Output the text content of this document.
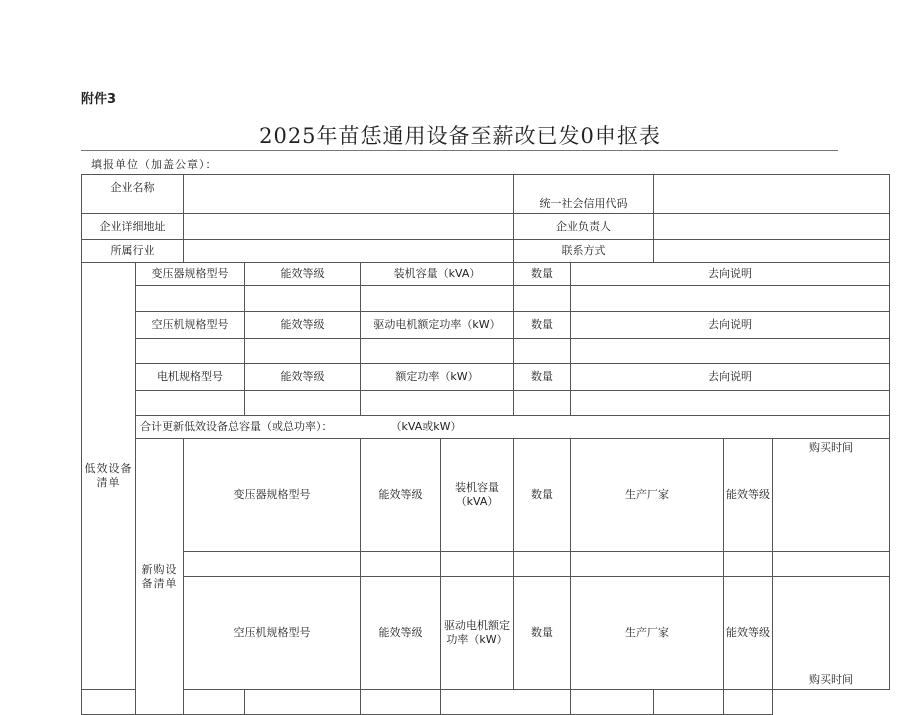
附件3
2025年苗恁通用设备至薪改已发0申抠表
填报单位（加盖公章）：

企业名称						统一社会信用代码					
企业详细地址						企业负责人					
所属行业						联系方式					
低效设备清单	变压器规格型号		能效等级	装机容量（kVA）		数量	去向说明				

	空压机规格型号		能效等级	驱动电机额定功率（kW）		数量	去向说明				

	电机规格型号		能效等级	额定功率（kW）		数量	去向说明				

	合计更新低效设备总容量（或总功率）： （kVA或kW）										
	新购设备清单	变压器规格型号		能效等级	装机容量（kVA）	数量	生产厂家		能效等级	购买时间	

		空压机规格型号		能效等级	驱动电机额定功率（kW）	数量	生产厂家		能效等级	购买时间	
